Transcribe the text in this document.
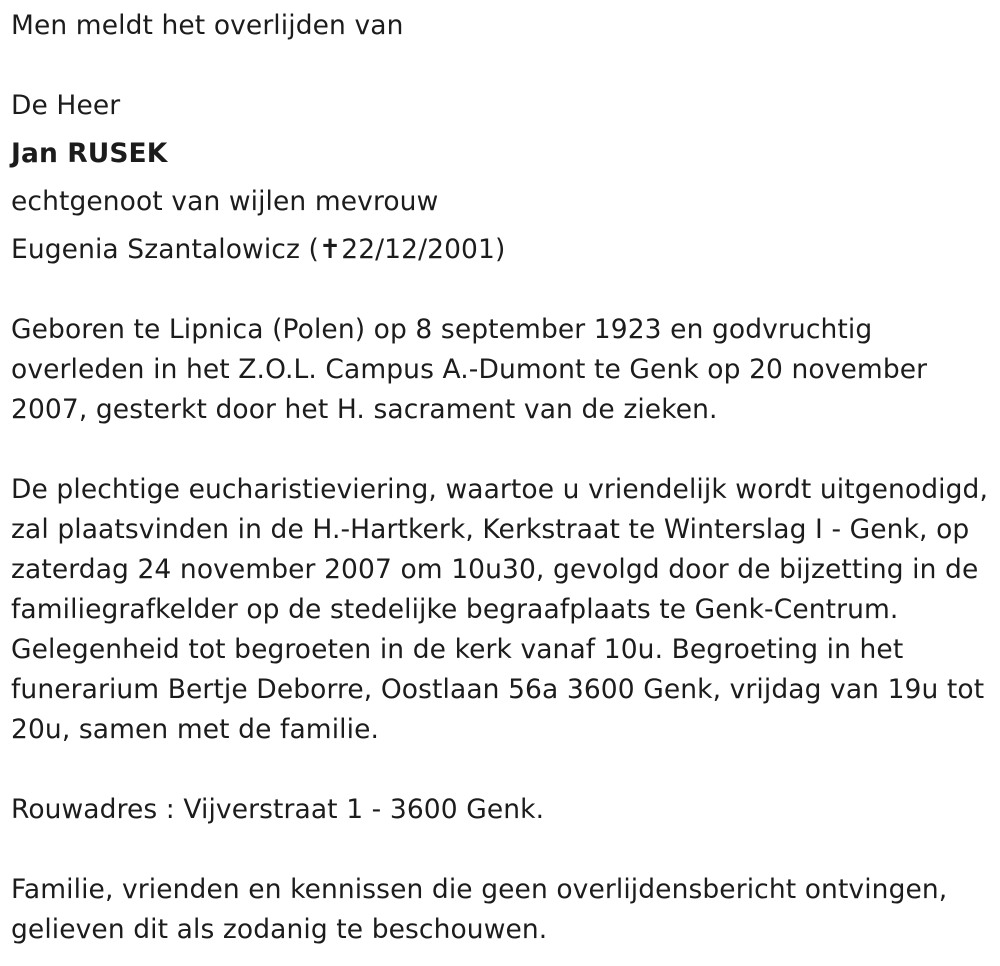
Men meldt het overlijden van
De Heer
Jan RUSEK
echtgenoot van wijlen mevrouw
Eugenia Szantalowicz (✝22/12/2001)
Geboren te Lipnica (Polen) op 8 september 1923 en godvruchtig
overleden in het Z.O.L. Campus A.-Dumont te Genk op 20 november
2007, gesterkt door het H. sacrament van de zieken.
De plechtige eucharistieviering, waartoe u vriendelijk wordt uitgenodigd,
zal plaatsvinden in de H.-Hartkerk, Kerkstraat te Winterslag I - Genk, op
zaterdag 24 november 2007 om 10u30, gevolgd door de bijzetting in de
familiegrafkelder op de stedelijke begraafplaats te Genk-Centrum.
Gelegenheid tot begroeten in de kerk vanaf 10u. Begroeting in het
funerarium Bertje Deborre, Oostlaan 56a 3600 Genk, vrijdag van 19u tot
20u, samen met de familie.
Rouwadres : Vijverstraat 1 - 3600 Genk.
Familie, vrienden en kennissen die geen overlijdensbericht ontvingen,
gelieven dit als zodanig te beschouwen.
